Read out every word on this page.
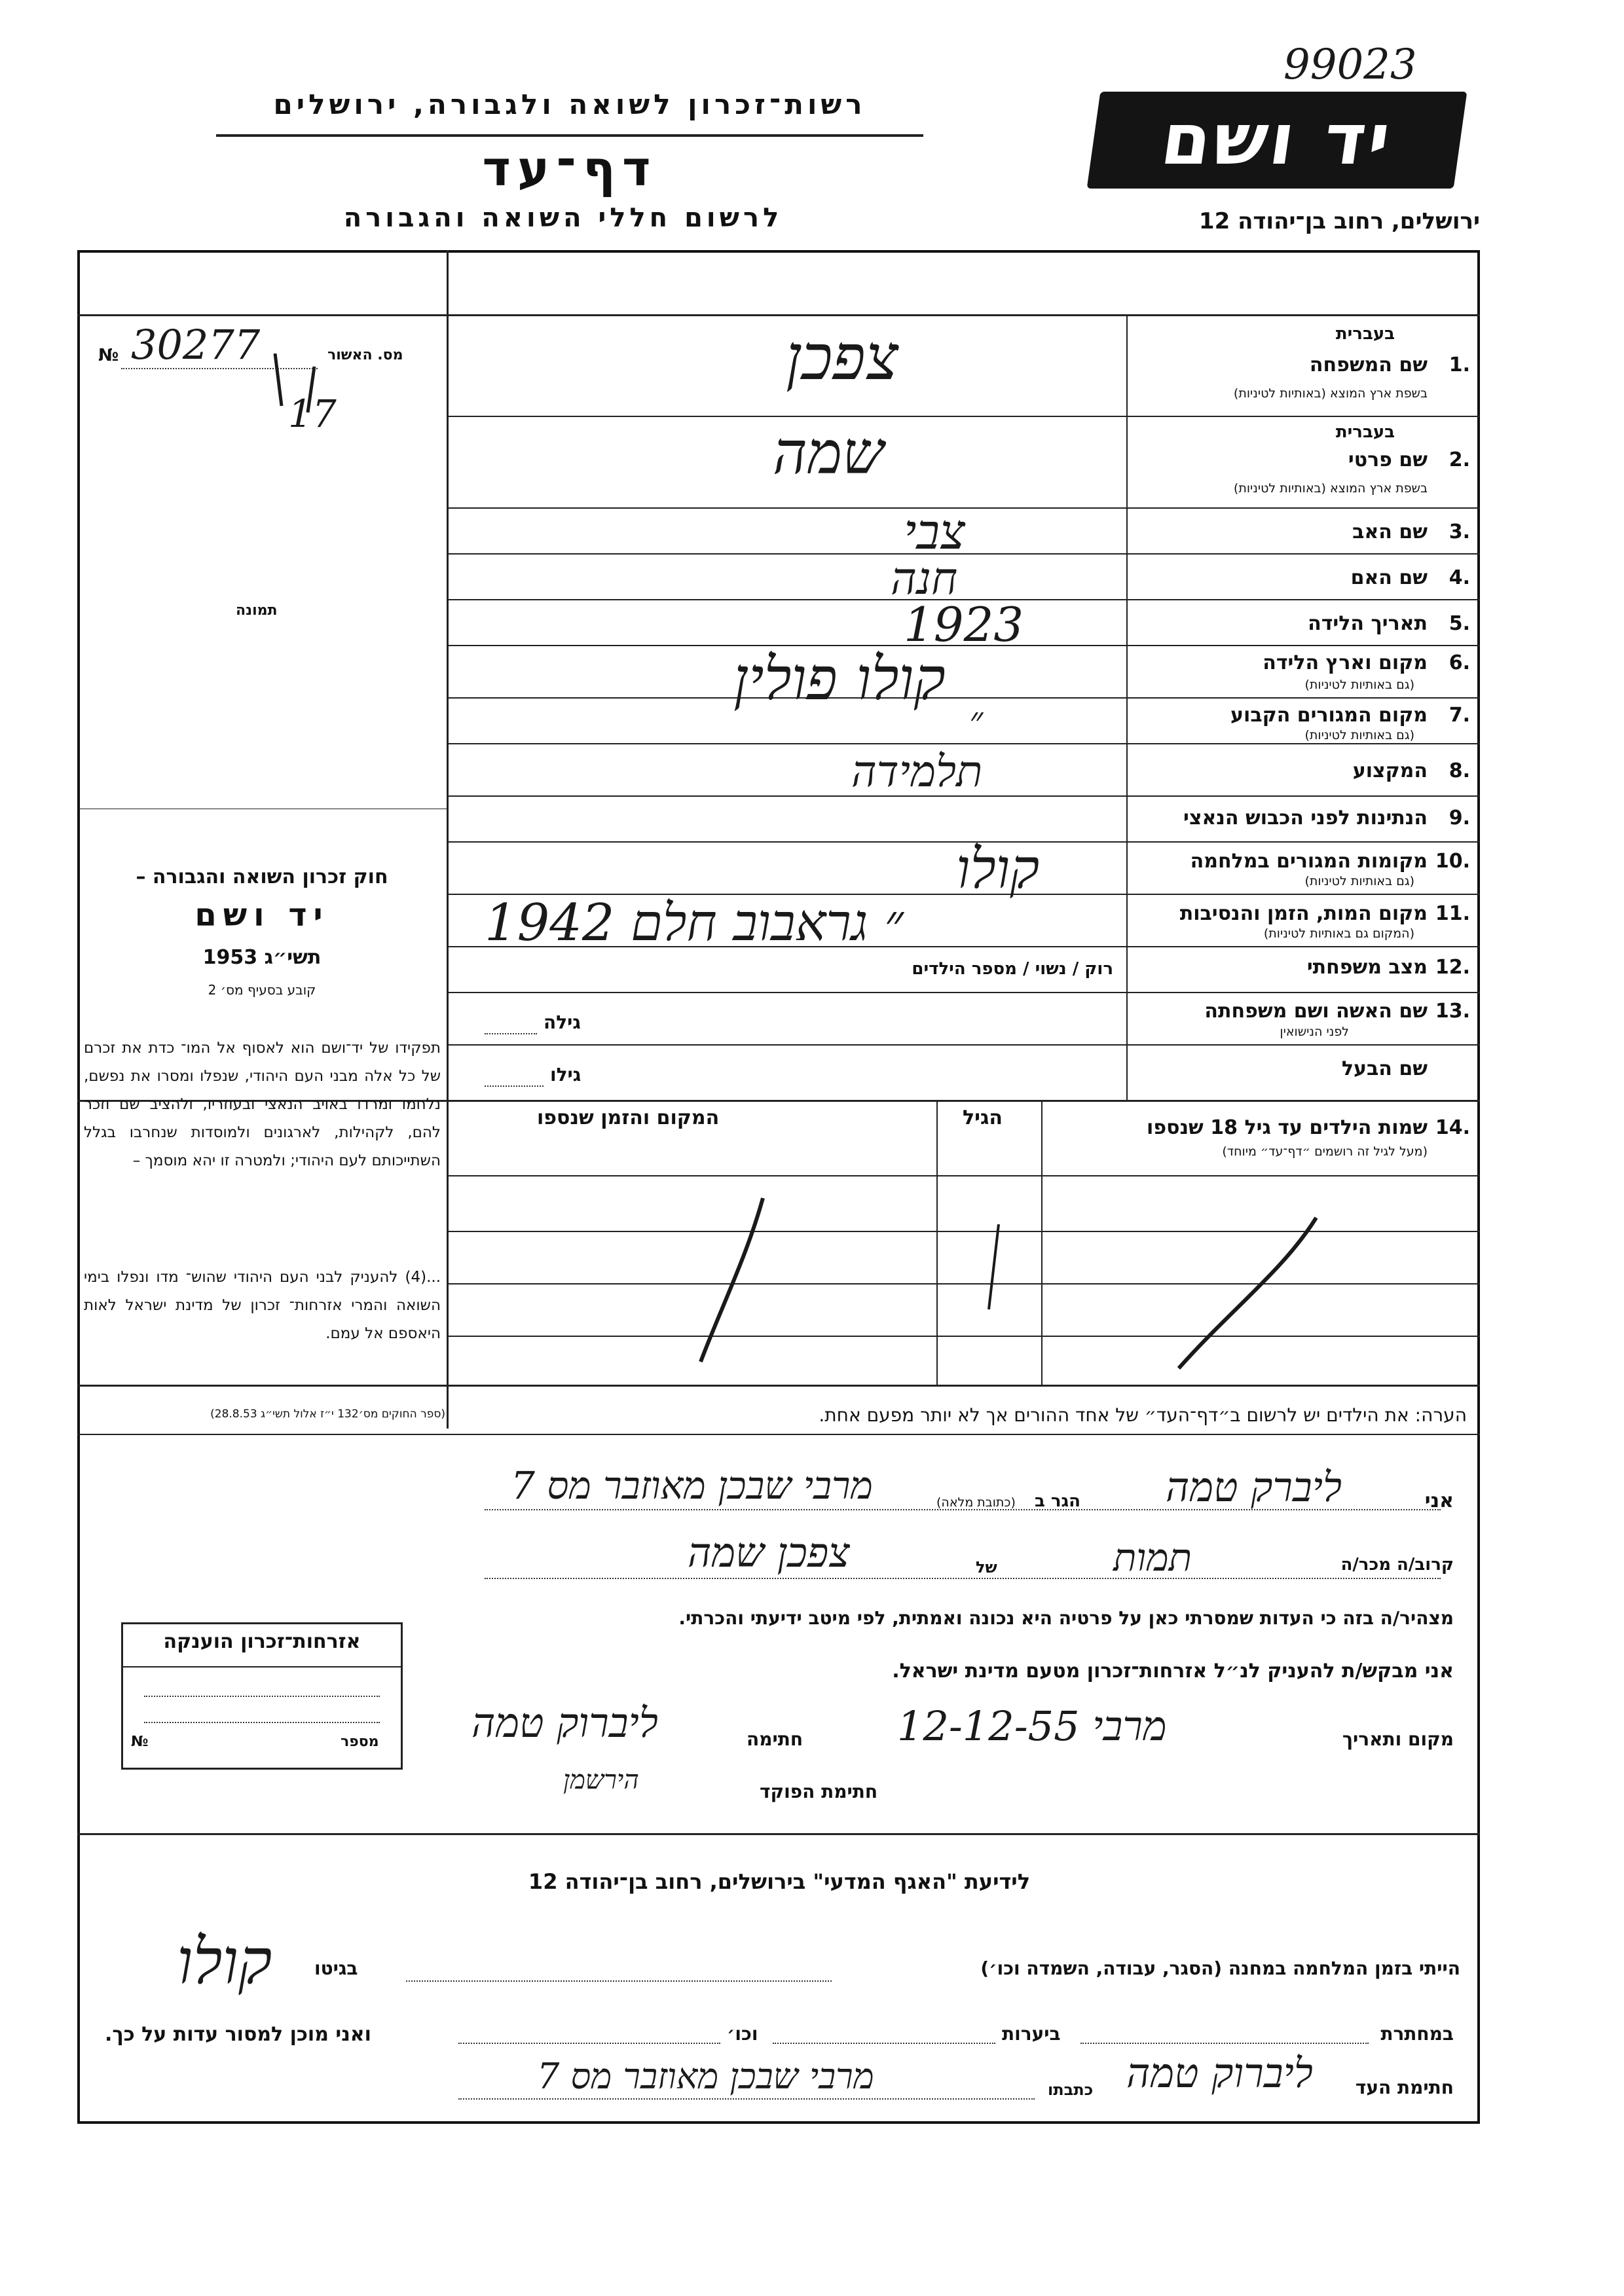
99023
יד ושם
רשות־זכרון לשואה ולגבורה, ירושלים
דף־עד
לרשום חללי השואה והגבורה	ירושלים, רחוב בן־יהודה 12
בעברית
שם המשפחה 1.
בשפת ארץ המוצא (באותיות לטיניות)
צפכן
בעברית
שם פרטי 2.
בשפת ארץ המוצא (באותיות לטיניות)
שמה
שם האב 3.
צבי
שם האם 4.
חנה
תאריך הלידה 5.
1923
מקום וארץ הלידה 6.
(גם באותיות לטיניות)
קולו פולין
מקום המגורים הקבוע 7.
(גם באותיות לטיניות)
״
המקצוע 8.
תלמידה
הנתינות לפני הכבוש הנאצי 9.
מקומות המגורים במלחמה 10.
(גם באותיות לטיניות)
קולו
מקום המות, הזמן והנסיבות 11.
(המקום גם באותיות לטיניות)
״ גראבוב חלם 1942
מצב משפחתי 12.
רוק / נשוי / מספר הילדים
שם האשה ושם משפחתה 13.
לפני הנישואין
גילה
שם הבעל
גילו
שמות הילדים עד גיל 18 שנספו 14.
(מעל לגיל זה רושמים ״דף־עד״ מיוחד)
הגיל
המקום והזמן שנספו
מס. האשור
№ 30277
17
תמונה
חוק זכרון השואה והגבורה –
יד ושם
תשי״ג 1953
קובע בסעיף מס׳ 2
תפקידו של יד־ושם הוא לאסוף אל המו־ כדת את זכרם של כל אלה מבני העם היהודי, שנפלו ומסרו את נפשם, נלחמו ומרדו באויב הנאצי ובעוזריו, ולהציב שם וזכר להם, לקהילות, לארגונים ולמוסדות שנחרבו בגלל השתייכותם לעם היהודי; ולמטרה זו יהא מוסמך –
...(4) להעניק לבני העם היהודי שהוש־ מדו ונפלו בימי השואה והמרי אזרחות־ זכרון של מדינת ישראל לאות היאספם אל עמם.
(ספר החוקים מס׳132 י״ז אלול תשי״ג 28.8.53)	הערה: את הילדים יש לרשום ב״דף־העד״ של אחד ההורים אך לא יותר מפעם אחת.
אזרחות־זכרון הוענקה
מספר
№
אני
ליברק טמה
הגר ב
(כתובת מלאה)
מרבי שבכן מאוזבר מס 7
קרוב/ה מכר/ה
תמות
של
צפכן שמה
מצהיר/ה בזה כי העדות שמסרתי כאן על פרטיה היא נכונה ואמתית, לפי מיטב ידיעתי והכרתי.
אני מבקש/ת להעניק לנ״ל אזרחות־זכרון מטעם מדינת ישראל.
מקום ותאריך
מרבי 12-12-55
חתימה
ליברוק טמה
חתימת הפוקד
הירשמן
לידיעת "האגף המדעי" בירושלים, רחוב בן־יהודה 12
הייתי בזמן המלחמה במחנה (הסגר, עבודה, השמדה וכו׳)
בגיטו
קולו
במחתרת
ביערות
וכו׳
ואני מוכן למסור עדות על כך.
חתימת העד
ליברוק טמה
כתבתו
מרבי שבכן מאוזבר מס 7
